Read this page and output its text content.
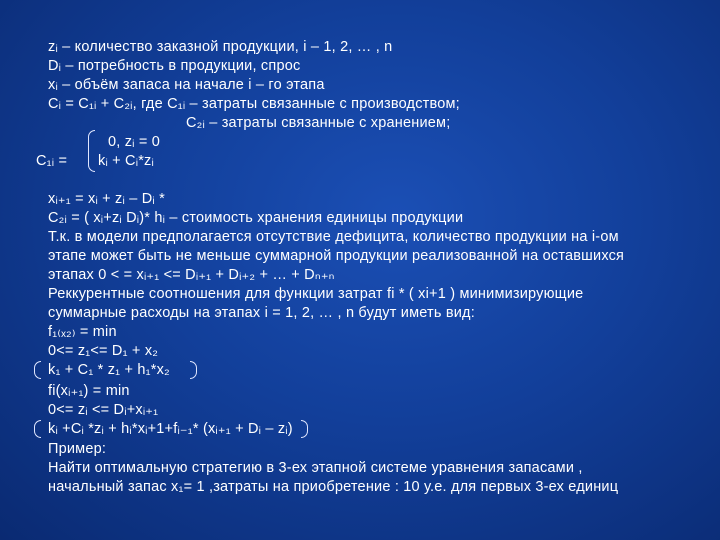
zᵢ – количество заказной продукции, i – 1, 2, … , n
Dᵢ – потребность в продукции, спрос
xᵢ – объём запаса на начале i – го этапа
Cᵢ = C₁ᵢ + C₂ᵢ, где C₁ᵢ – затраты связанные с производством;
C₂ᵢ – затраты связанные с хранением;
0, zᵢ = 0
C₁ᵢ = kᵢ + Cᵢ*zᵢ
xᵢ₊₁ = xᵢ + zᵢ – Dᵢ *
C₂ᵢ = ( xᵢ+zᵢ Dᵢ)* hᵢ – стоимость хранения единицы продукции
Т.к. в модели предполагается отсутствие дефицита, количество продукции на i-ом
этапе может быть не меньше суммарной продукции реализованной на оставшихся
этапах 0 < = xᵢ₊₁ <= Dᵢ₊₁ + Dᵢ₊₂ + … + Dₙ₊ₙ
Реккурентные соотношения для функции затрат fi * ( xi+1 ) минимизирующие
суммарные расходы на этапах i = 1, 2, … , n будут иметь вид:
f₁₍ₓ₂₎ = min
0<= z₁<= D₁ + x₂
k₁ + C₁ * z₁ + h₁*x₂
fi(xᵢ₊₁) = min
0<= zᵢ <= Dᵢ+xᵢ₊₁
kᵢ +Cᵢ *zᵢ + hᵢ*xᵢ+1+fᵢ₋₁* (xᵢ₊₁ + Dᵢ – zᵢ)
Пример:
Найти оптимальную стратегию в 3-ех этапной системе уравнения запасами ,
начальный запас x₁= 1 ,затраты на приобретение : 10 у.е. для первых 3-ех единиц
